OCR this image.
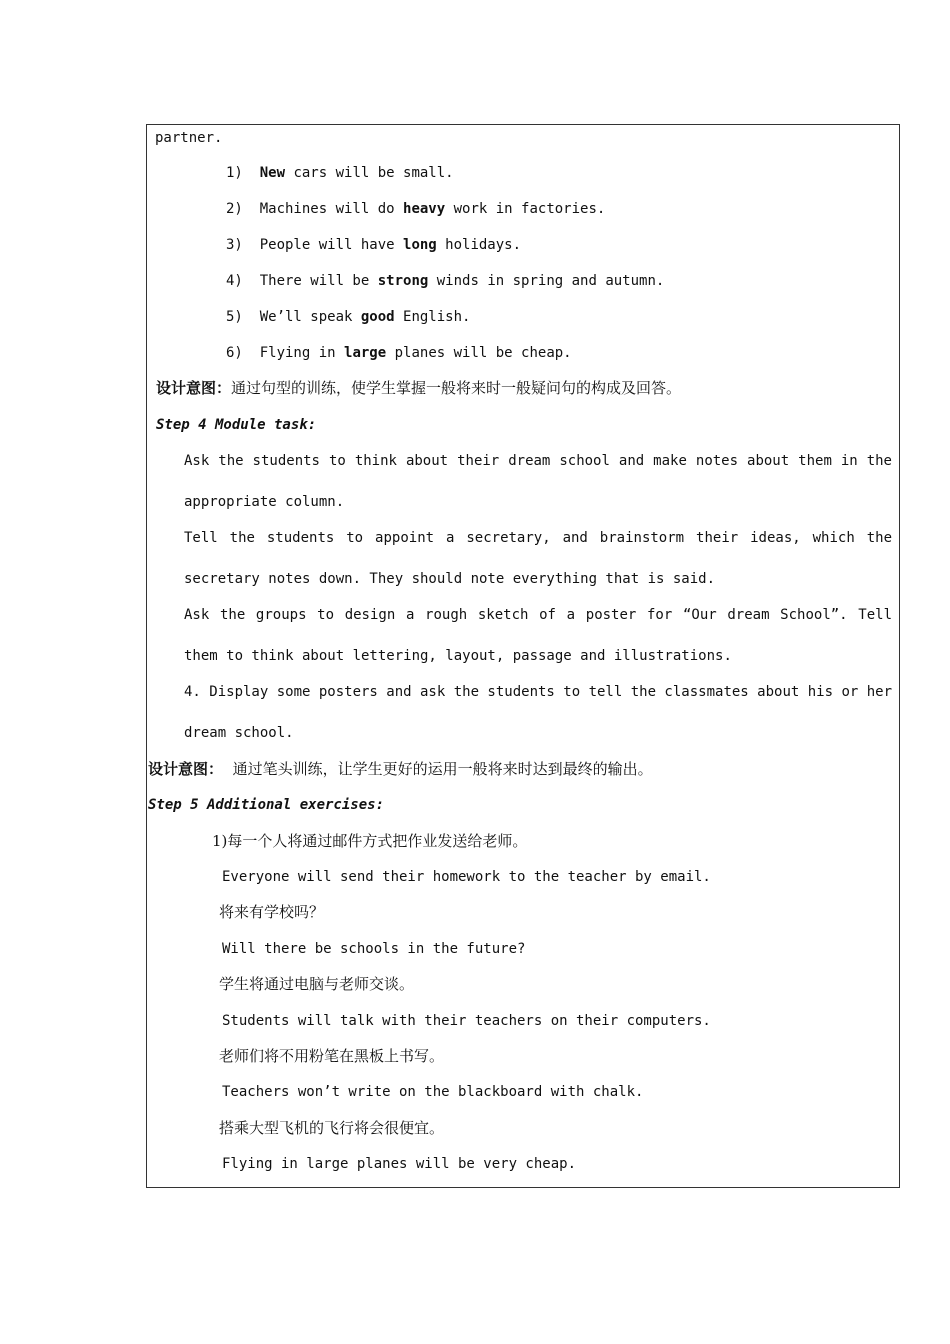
partner.
1) New cars will be small.
2) Machines will do heavy work in factories.
3) People will have long holidays.
4) There will be strong winds in spring and autumn.
5) We’ll speak good English.
6) Flying in large planes will be cheap.
设计意图：通过句型的训练，使学生掌握一般将来时一般疑问句的构成及回答。
Step 4 Module task:
Ask the students to think about their dream school and make notes about them in the
appropriate column.
Tell the students to appoint a secretary, and brainstorm their ideas, which the
secretary notes down. They should note everything that is said.
Ask the groups to design a rough sketch of a poster for “Our dream School”. Tell
them to think about lettering, layout, passage and illustrations.
4. Display some posters and ask the students to tell the classmates about his or her
dream school.
设计意图： 通过笔头训练，让学生更好的运用一般将来时达到最终的输出。
Step 5 Additional exercises:
1)每一个人将通过邮件方式把作业发送给老师。
Everyone will send their homework to the teacher by email.
将来有学校吗？
Will there be schools in the future?
学生将通过电脑与老师交谈。
Students will talk with their teachers on their computers.
老师们将不用粉笔在黑板上书写。
Teachers won’t write on the blackboard with chalk.
搭乘大型飞机的飞行将会很便宜。
Flying in large planes will be very cheap.
